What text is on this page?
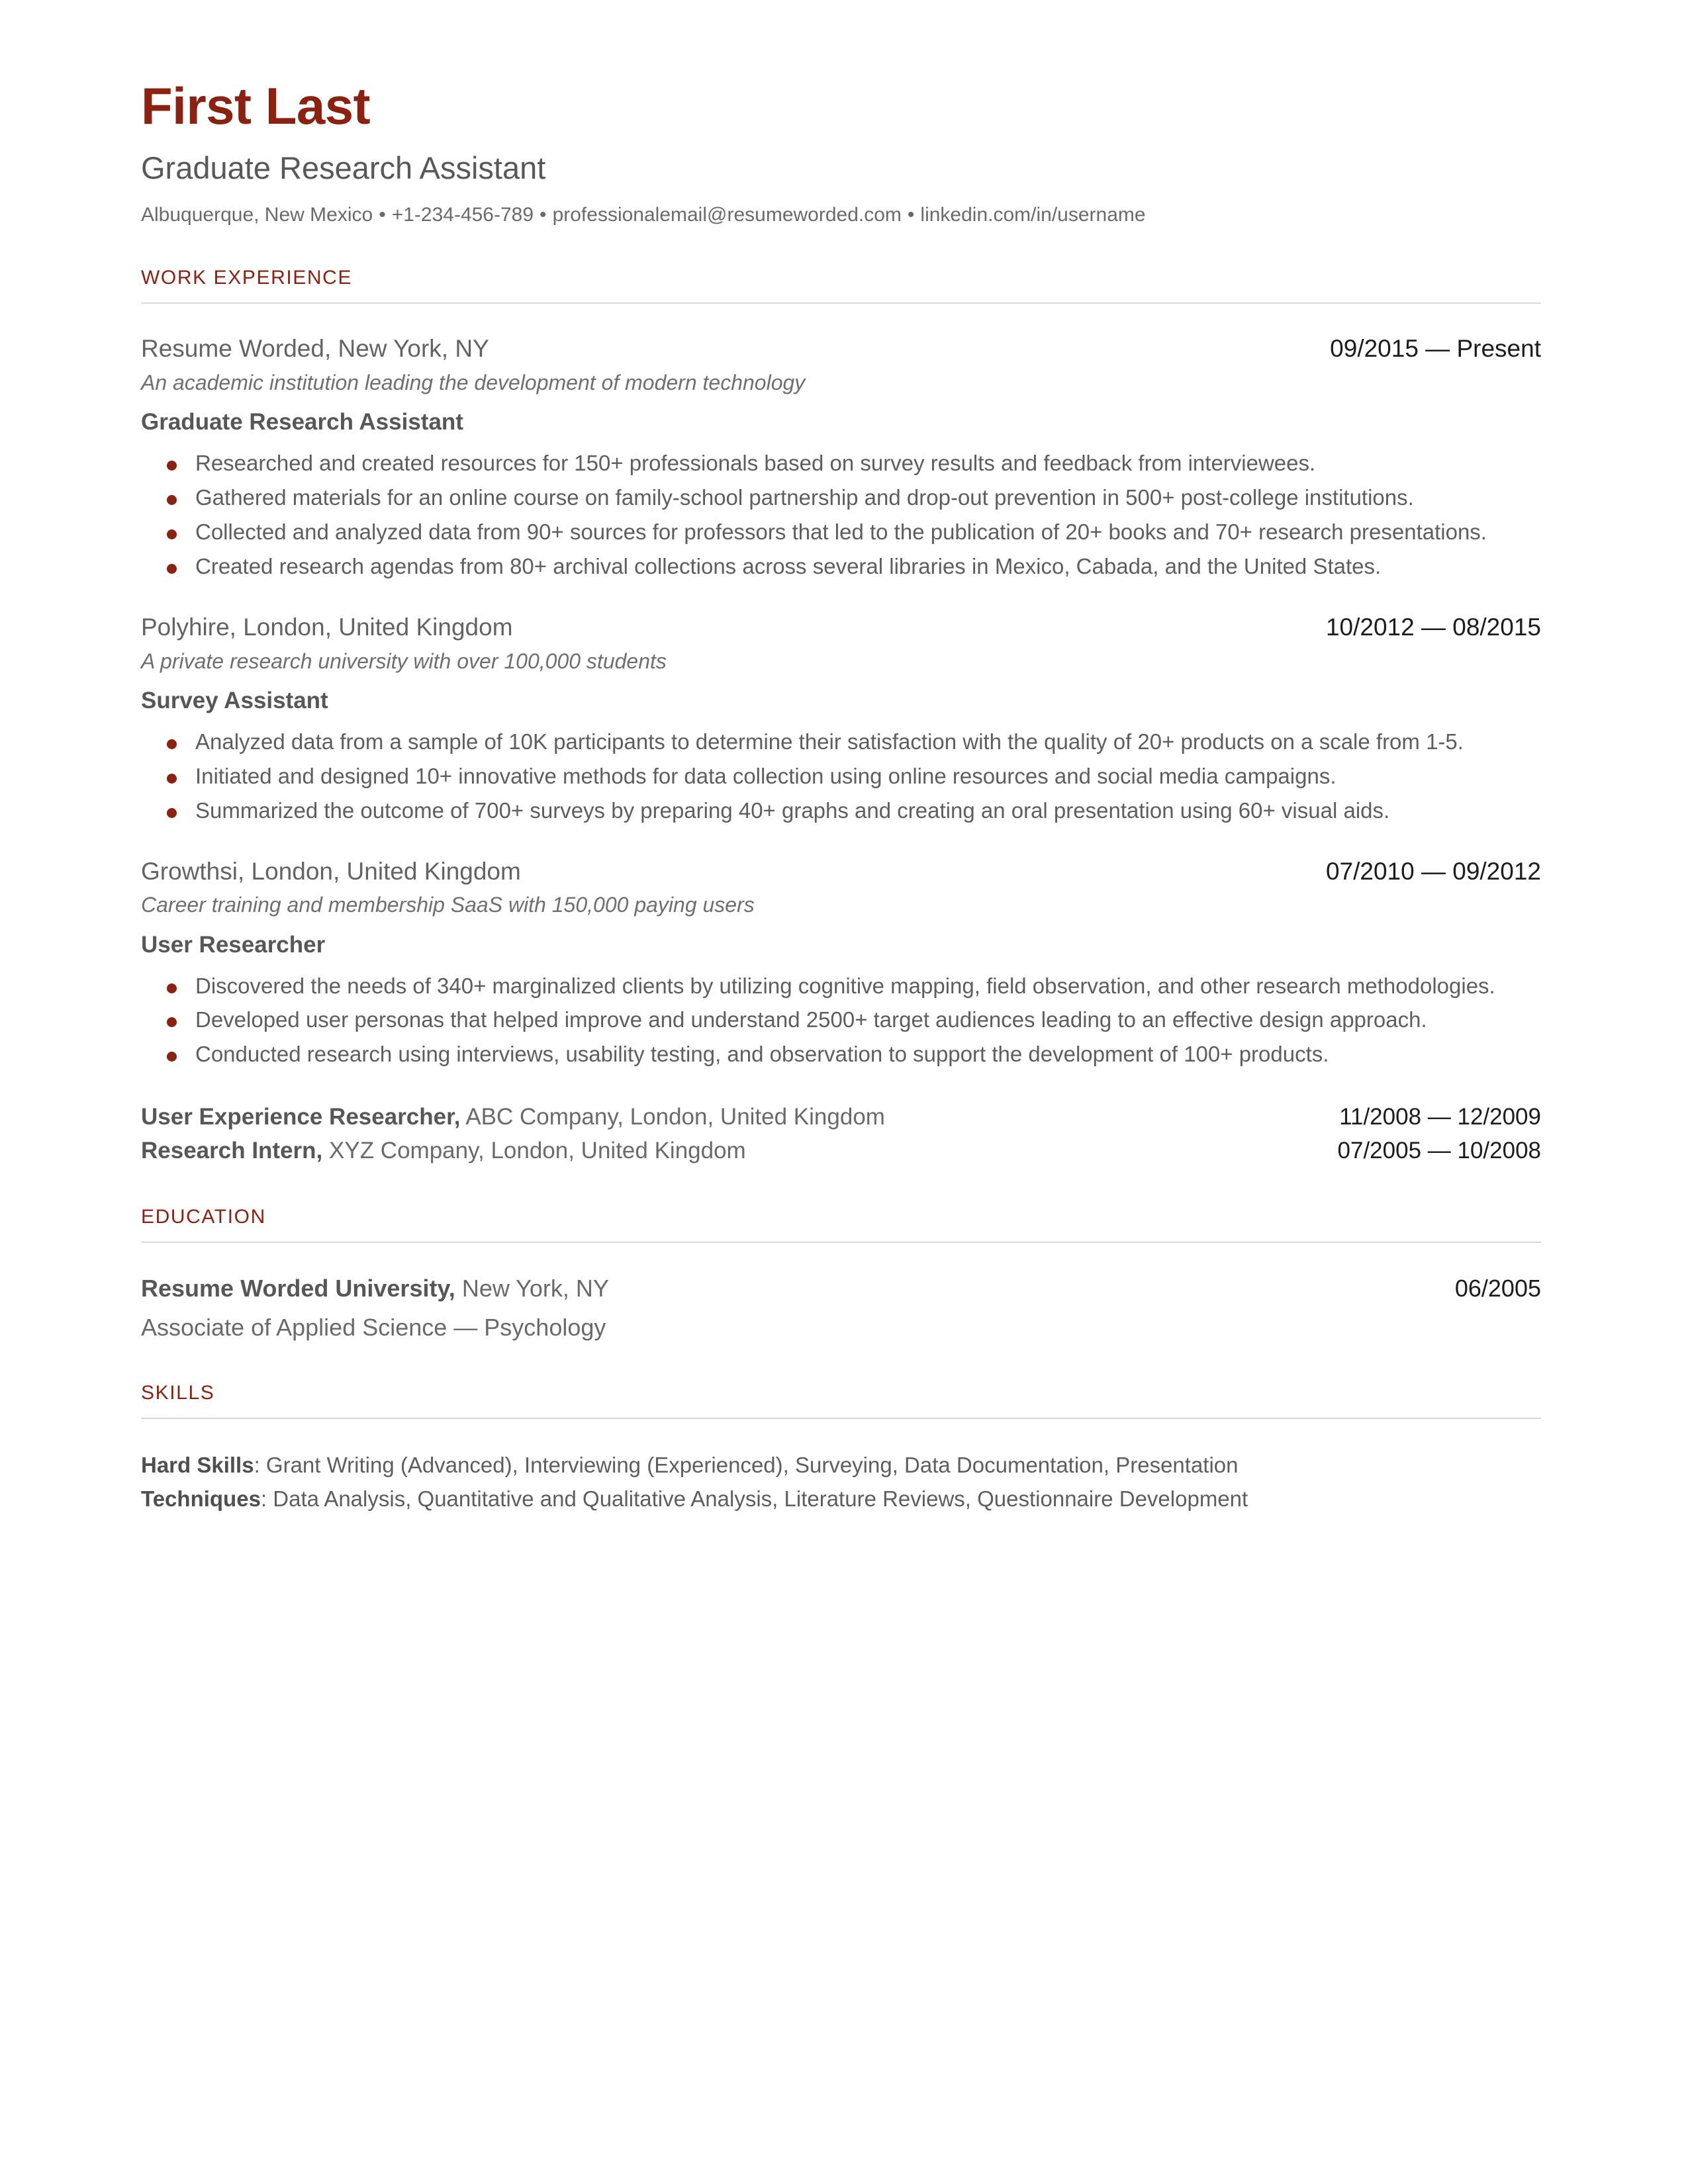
First Last
Graduate Research Assistant
Albuquerque, New Mexico • +1-234-456-789 • professionalemail@resumeworded.com • linkedin.com/in/username
WORK EXPERIENCE
Resume Worded, New York, NY	09/2015 — Present
An academic institution leading the development of modern technology
Graduate Research Assistant
Researched and created resources for 150+ professionals based on survey results and feedback from interviewees.
Gathered materials for an online course on family-school partnership and drop-out prevention in 500+ post-college institutions.
Collected and analyzed data from 90+ sources for professors that led to the publication of 20+ books and 70+ research presentations.
Created research agendas from 80+ archival collections across several libraries in Mexico, Cabada, and the United States.
Polyhire, London, United Kingdom	10/2012 — 08/2015
A private research university with over 100,000 students
Survey Assistant
Analyzed data from a sample of 10K participants to determine their satisfaction with the quality of 20+ products on a scale from 1-5.
Initiated and designed 10+ innovative methods for data collection using online resources and social media campaigns.
Summarized the outcome of 700+ surveys by preparing 40+ graphs and creating an oral presentation using 60+ visual aids.
Growthsi, London, United Kingdom	07/2010 — 09/2012
Career training and membership SaaS with 150,000 paying users
User Researcher
Discovered the needs of 340+ marginalized clients by utilizing cognitive mapping, field observation, and other research methodologies.
Developed user personas that helped improve and understand 2500+ target audiences leading to an effective design approach.
Conducted research using interviews, usability testing, and observation to support the development of 100+ products.
User Experience Researcher, ABC Company, London, United Kingdom	11/2008 — 12/2009
Research Intern, XYZ Company, London, United Kingdom	07/2005 — 10/2008
EDUCATION
Resume Worded University, New York, NY	06/2005
Associate of Applied Science — Psychology
SKILLS
Hard Skills: Grant Writing (Advanced), Interviewing (Experienced), Surveying, Data Documentation, Presentation
Techniques: Data Analysis, Quantitative and Qualitative Analysis, Literature Reviews, Questionnaire Development
